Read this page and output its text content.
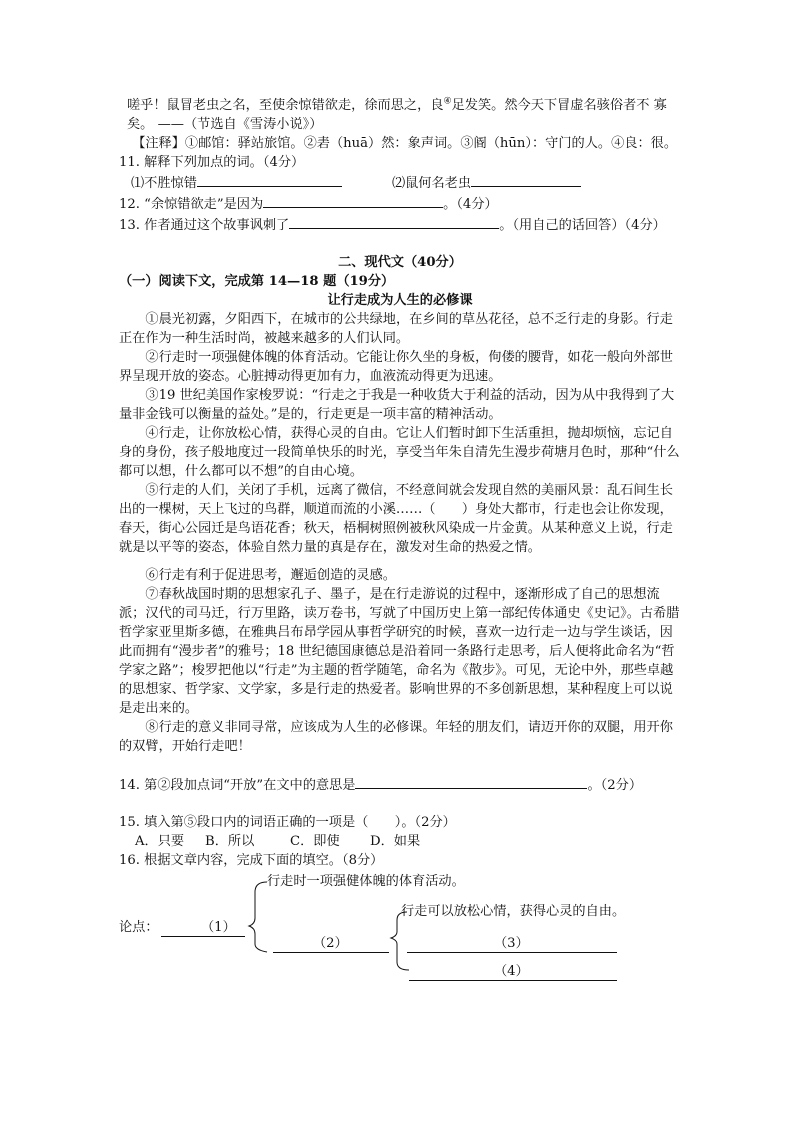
嗟乎！鼠冒老虫之名，至使余惊错欲走，徐而思之，良④足发笑。然今天下冒虚名骇俗者不 寡矣。 ——（节选自《雪涛小说》）

【注释】①邮馆：驿站旅馆。②砉（huā）然：象声词。③阍（hūn）：守门的人。④良：很。

11. 解释下列加点的词。（4分）

⑴不胜惊错	⑵鼠何名老虫

12. “余惊错欲走”是因为	。（4分）

13. 作者通过这个故事讽刺了	。（用自己的话回答）（4分）

二、现代文（40分）

（一）阅读下文，完成第 14—18 题（19分）

让行走成为人生的必修课

①晨光初露，夕阳西下，在城市的公共绿地，在乡间的草丛花径，总不乏行走的身影。行走正在作为一种生活时尚，被越来越多的人们认同。

②行走时一项强健体魄的体育活动。它能让你久坐的身板，佝偻的腰背，如花一般向外部世界呈现开放的姿态。心脏搏动得更加有力，血液流动得更为迅速。

③19 世纪美国作家梭罗说：“行走之于我是一种收货大于利益的活动，因为从中我得到了大量非金钱可以衡量的益处。”是的，行走更是一项丰富的精神活动。

④行走，让你放松心情，获得心灵的自由。它让人们暂时卸下生活重担，抛却烦恼，忘记自身的身份，孩子般地度过一段简单快乐的时光，享受当年朱自清先生漫步荷塘月色时，那种“什么都可以想，什么都可以不想”的自由心境。

⑤行走的人们，关闭了手机，远离了微信，不经意间就会发现自然的美丽风景：乱石间生长出的一棵树，天上飞过的鸟群，顺道而流的小溪……（　　）身处大都市，行走也会让你发现，春天，街心公园迁是鸟语花香；秋天，梧桐树照例被秋风染成一片金黄。从某种意义上说，行走就是以平等的姿态，体验自然力量的真是存在，激发对生命的热爱之情。

⑥行走有利于促进思考，邂逅创造的灵感。

⑦春秋战国时期的思想家孔子、墨子，是在行走游说的过程中，逐渐形成了自己的思想流派；汉代的司马迁，行万里路，读万卷书，写就了中国历史上第一部纪传体通史《史记》。古希腊哲学家亚里斯多德，在雅典吕布昂学园从事哲学研究的时候，喜欢一边行走一边与学生谈话，因此而拥有“漫步者”的雅号；18 世纪德国康德总是沿着同一条路行走思考，后人便将此命名为“哲学家之路”；梭罗把他以“行走”为主题的哲学随笔，命名为《散步》。可见，无论中外，那些卓越的思想家、哲学家、文学家，多是行走的热爱者。影响世界的不多创新思想，某种程度上可以说是走出来的。

⑧行走的意义非同寻常，应该成为人生的必修课。年轻的朋友们，请迈开你的双腿，用开你的双臂，开始行走吧！

14. 第②段加点词“开放”在文中的意思是	。（2分）

15. 填入第⑤段口内的词语正确的一项是（　　）。（2分）

A．只要 B．所以	C．即使 D．如果

16. 根据文章内容，完成下面的填空。（8分）

行走时一项强健体魄的体育活动。
论点：	（1）
行走可以放松心情，获得心灵的自由。
（2）	（3）
（4）
